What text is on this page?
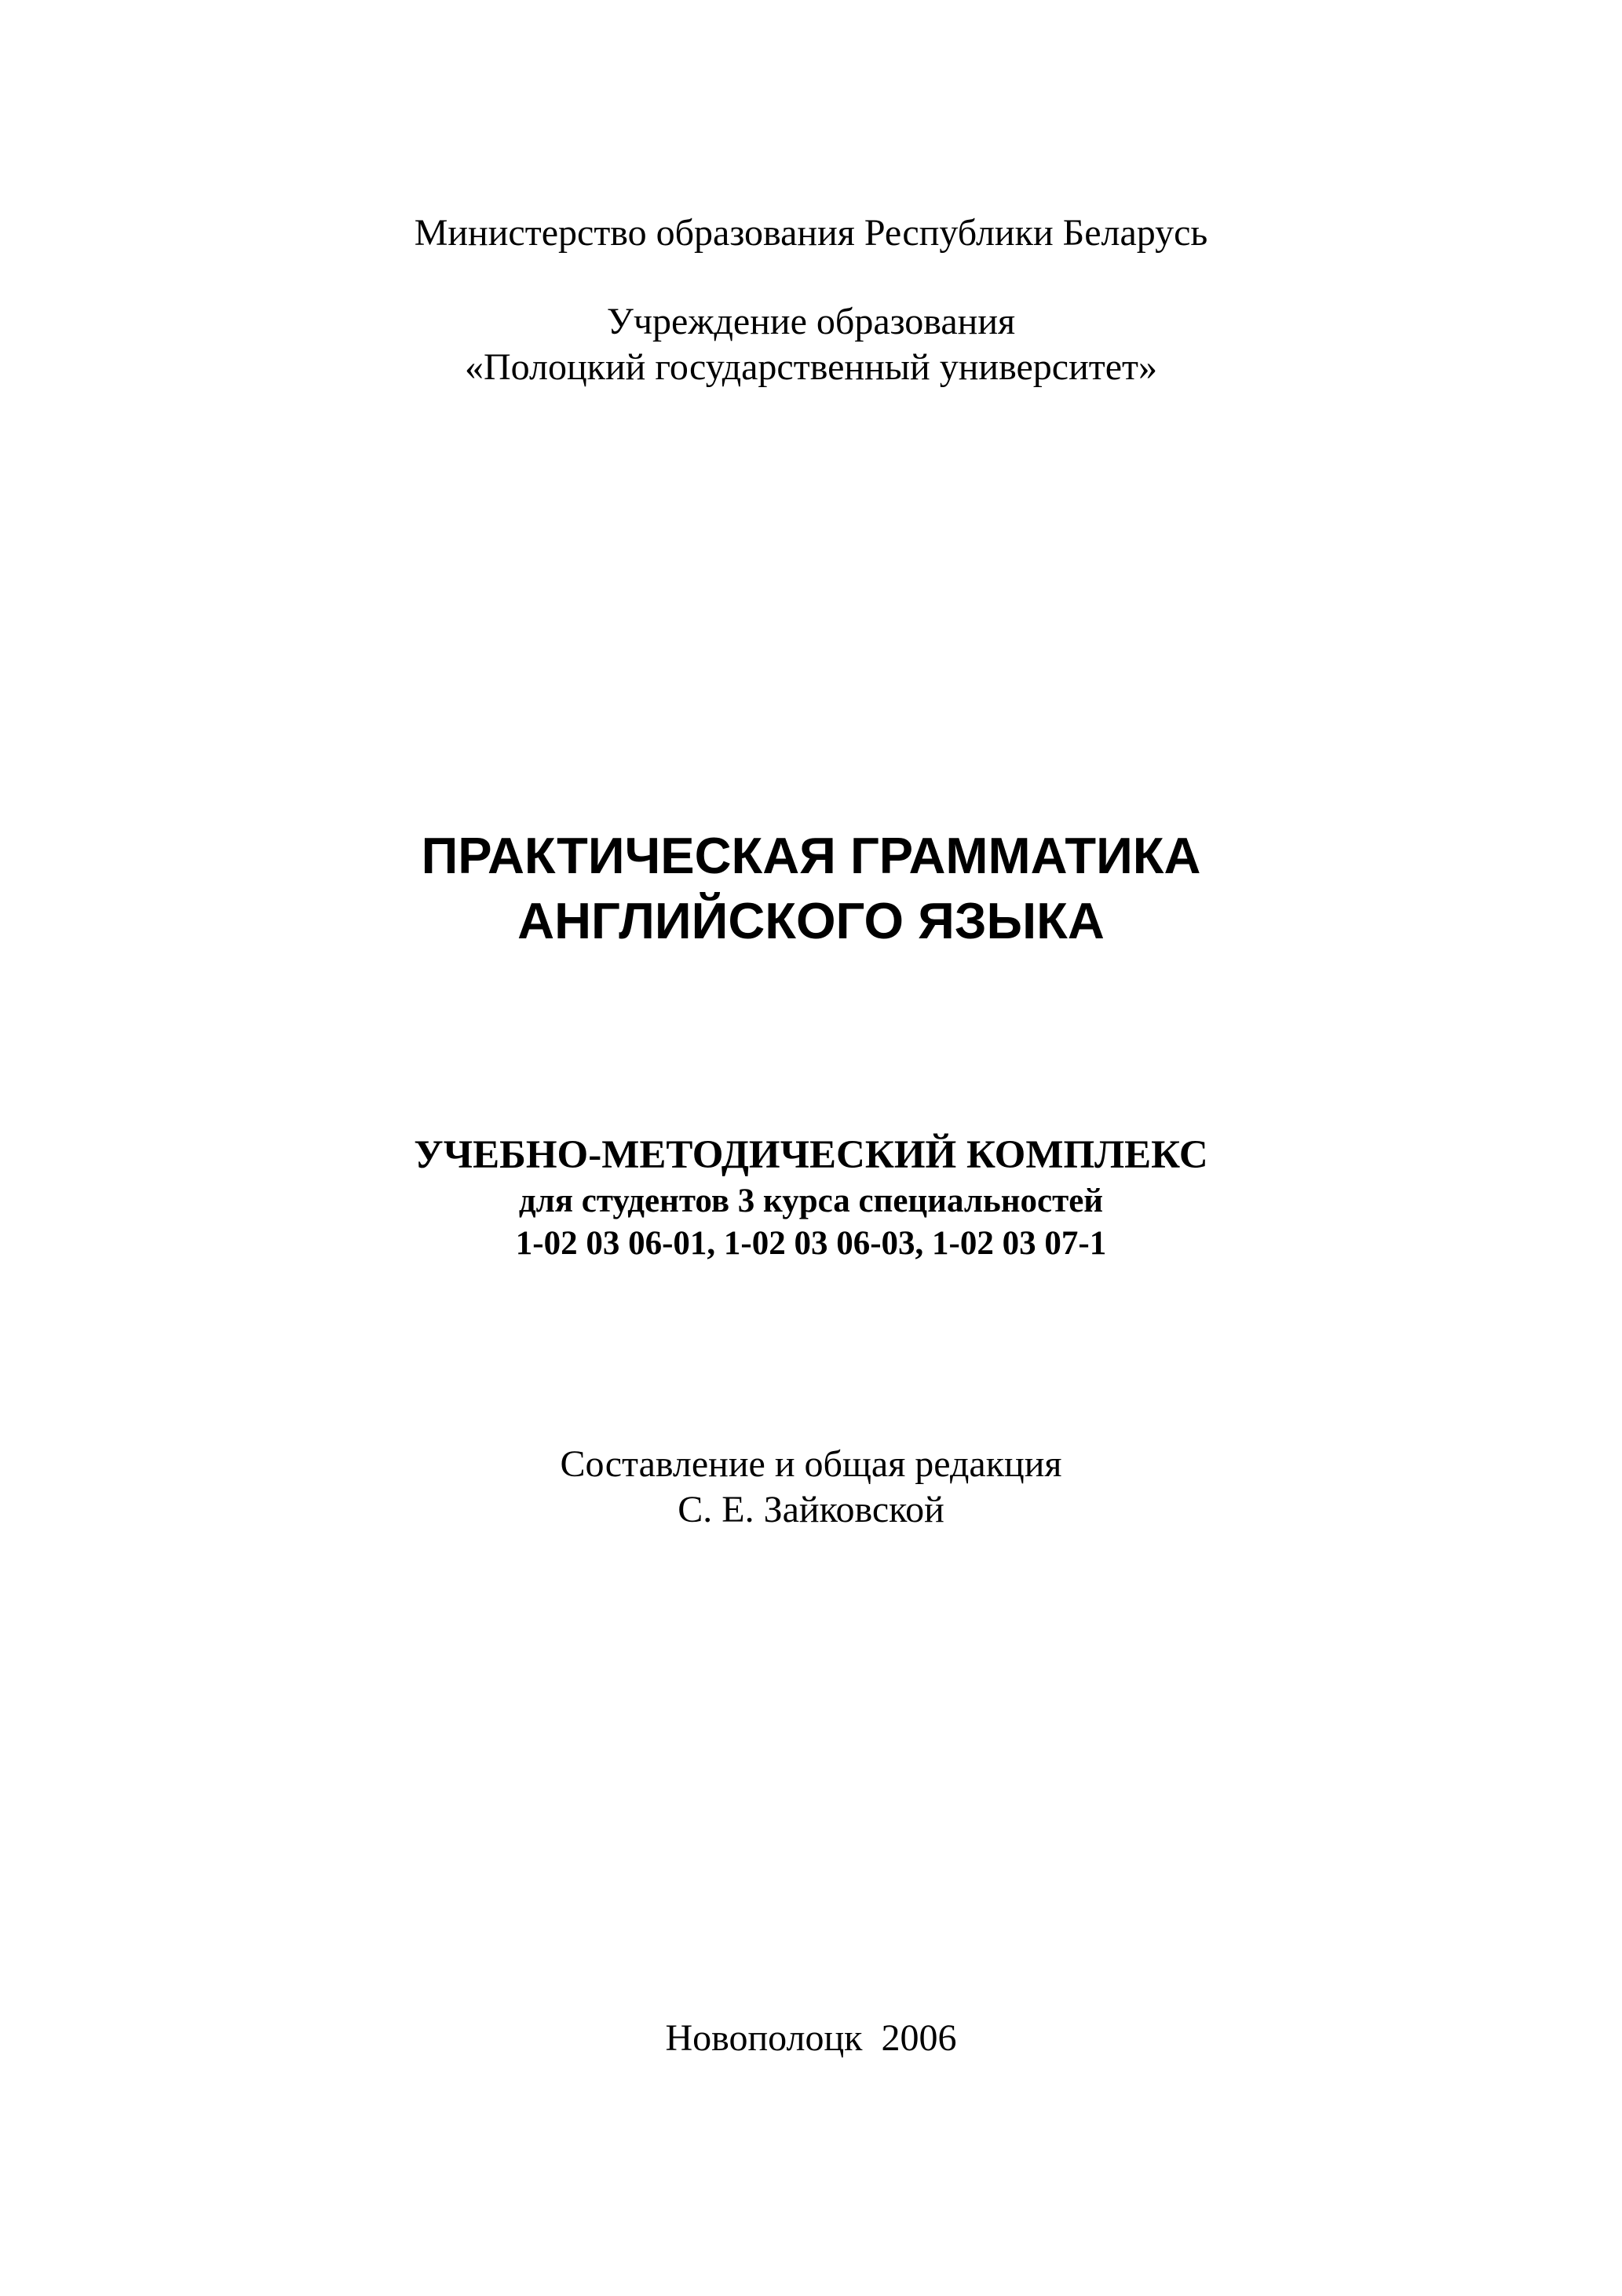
Министерство образования Республики Беларусь
Учреждение образования
«Полоцкий государственный университет»
ПРАКТИЧЕСКАЯ ГРАММАТИКА
АНГЛИЙСКОГО ЯЗЫКА
УЧЕБНО-МЕТОДИЧЕСКИЙ КОМПЛЕКС
для студентов 3 курса специальностей
1-02 03 06-01, 1-02 03 06-03, 1-02 03 07-1
Составление и общая редакция
С. Е. Зайковской
Новополоцк  2006
